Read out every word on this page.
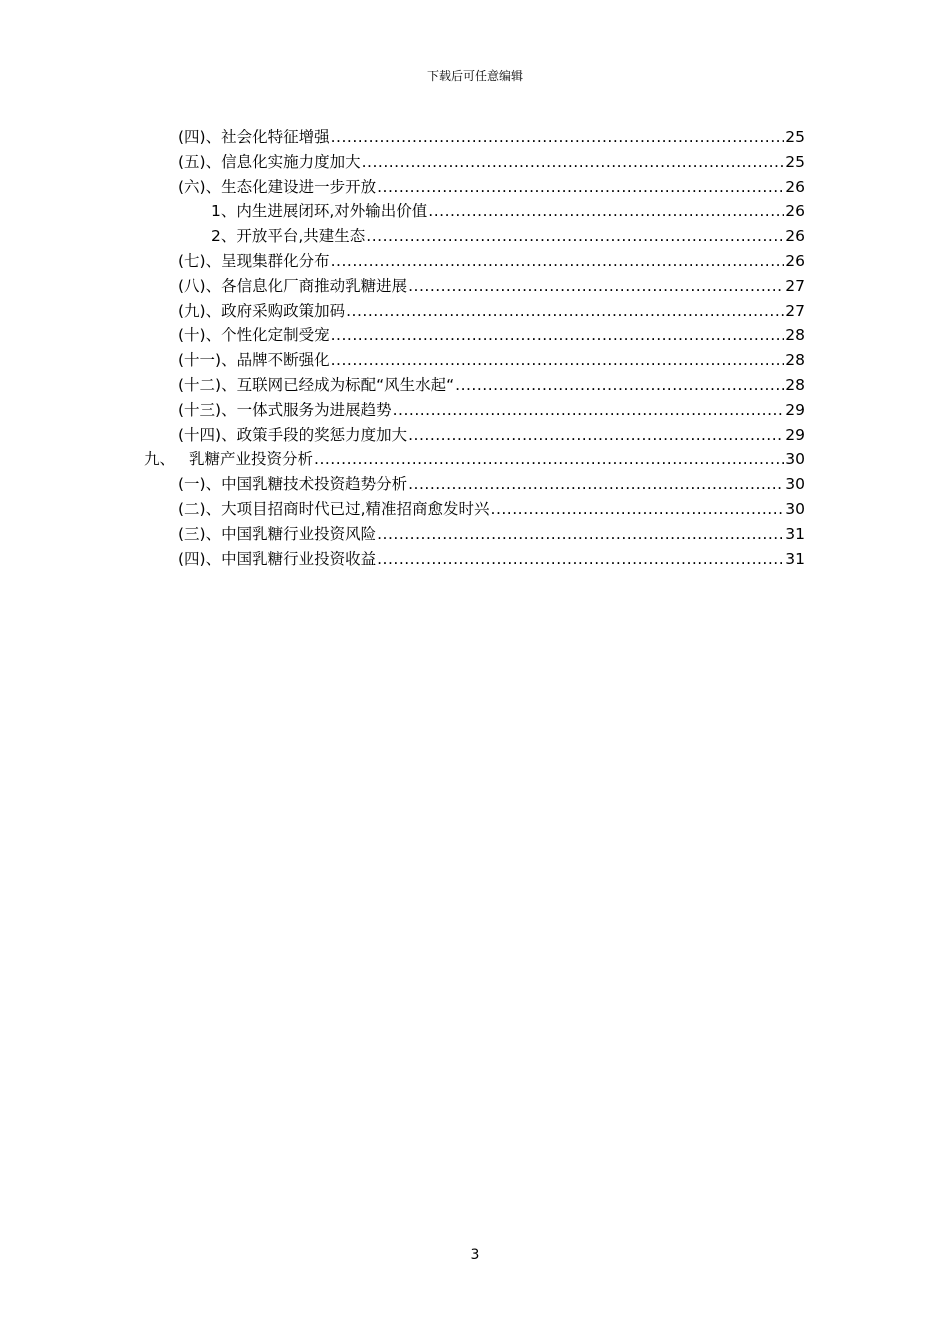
下载后可任意编辑
(四)、社会化特征增强 .....	25
(五)、信息化实施力度加大 .....	25
(六)、生态化建设进一步开放 .....	26
1、内生进展闭环,对外输出价值 .....	26
2、开放平台,共建生态 .....	26
(七)、呈现集群化分布 .....	26
(八)、各信息化厂商推动乳糖进展 .....	27
(九)、政府采购政策加码 .....	27
(十)、个性化定制受宠 .....	28
(十一)、品牌不断强化 .....	28
(十二)、互联网已经成为标配“风生水起“ .....	28
(十三)、一体式服务为进展趋势 .....	29
(十四)、政策手段的奖惩力度加大 .....	29
九、 乳糖产业投资分析 .....	30
(一)、中国乳糖技术投资趋势分析 .....	30
(二)、大项目招商时代已过,精准招商愈发时兴 .....	30
(三)、中国乳糖行业投资风险 .....	31
(四)、中国乳糖行业投资收益 .....	31
3
